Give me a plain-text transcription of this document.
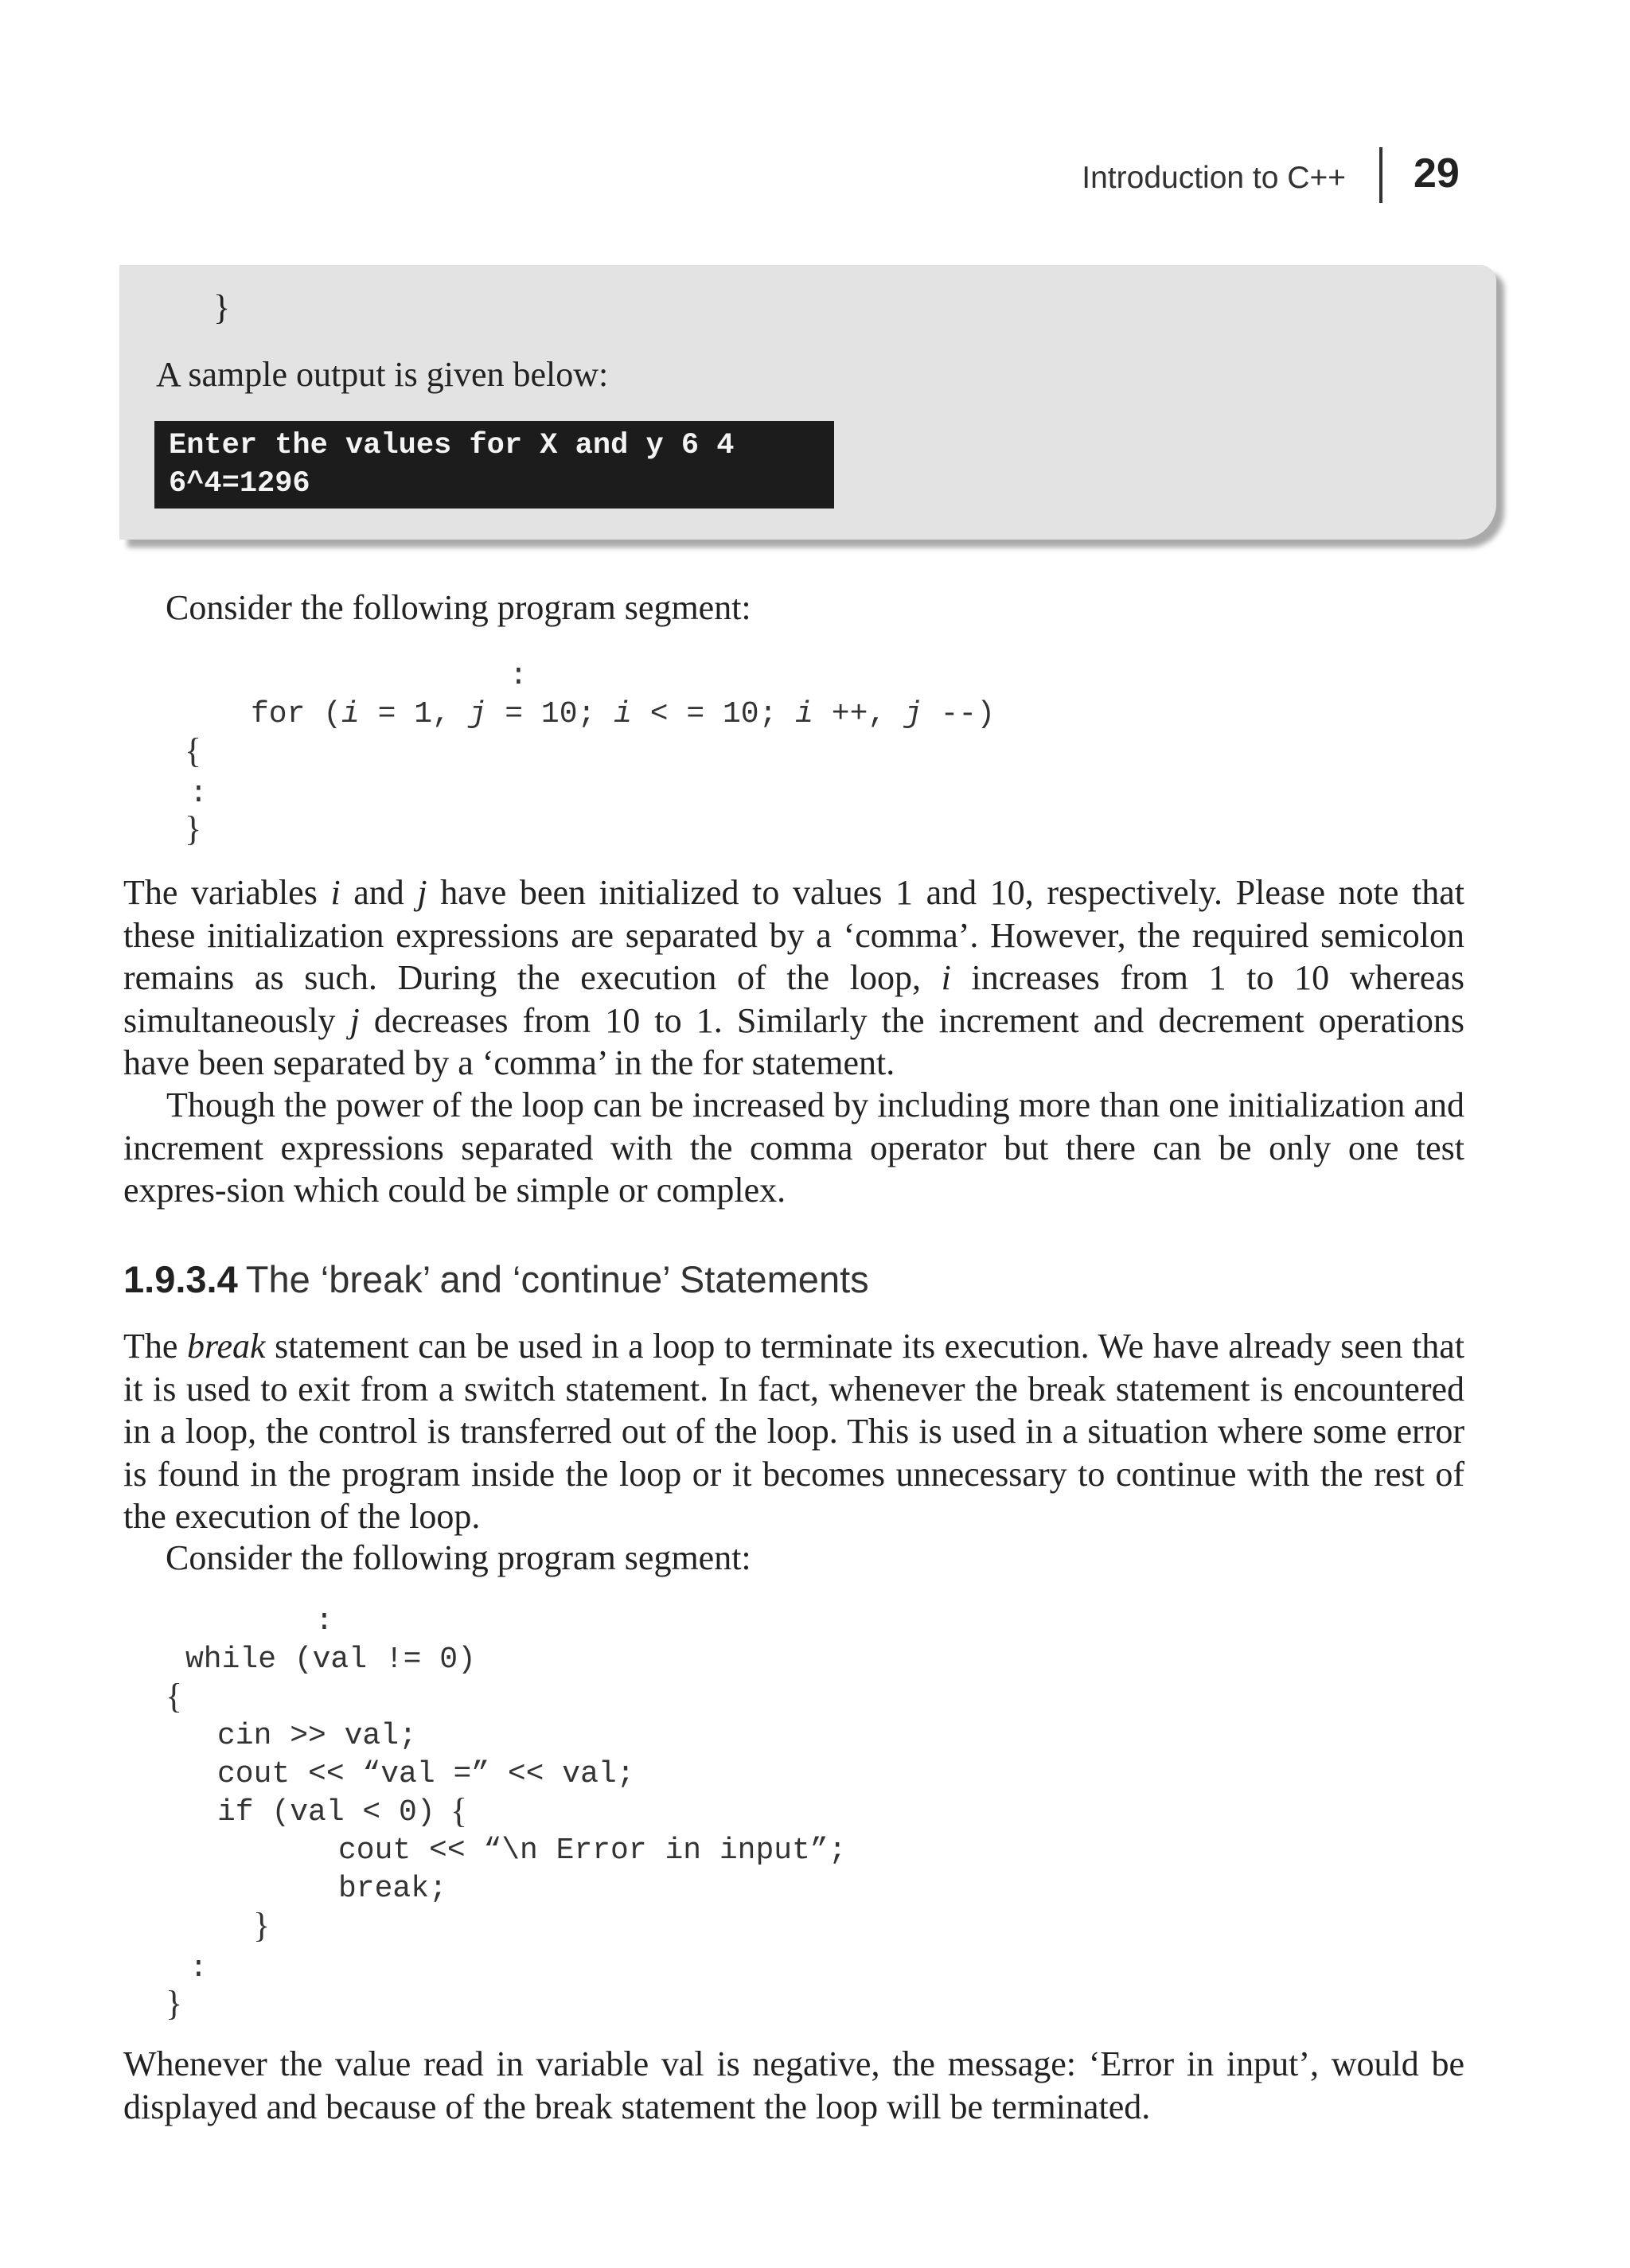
Introduction to C++ 29
}
A sample output is given below:
Enter the values for X and y 6 4
6^4=1296
Consider the following program segment:
:
for (i = 1, j = 10; i < = 10; i ++, j --)
{
:
}

The variables i and j have been initialized to values 1 and 10, respectively. Please note that these initialization expressions are separated by a ‘comma’. However, the required semicolon remains as such. During the execution of the loop, i increases from 1 to 10 whereas simultaneously j decreases from 10 to 1. Similarly the increment and decrement operations have been separated by a ‘comma’ in the for statement.

Though the power of the loop can be increased by including more than one initialization and increment expressions separated with the comma operator but there can be only one test expres-sion which could be simple or complex.

1.9.3.4 The ‘break’ and ‘continue’ Statements

The break statement can be used in a loop to terminate its execution. We have already seen that it is used to exit from a switch statement. In fact, whenever the break statement is encountered in a loop, the control is transferred out of the loop. This is used in a situation where some error is found in the program inside the loop or it becomes unnecessary to continue with the rest of the execution of the loop.

Consider the following program segment:
:
while (val != 0)
{
cin >> val;
cout << “val =” << val;
if (val < 0) {
cout << “\n Error in input”;
break;
}
:
}

Whenever the value read in variable val is negative, the message: ‘Error in input’, would be displayed and because of the break statement the loop will be terminated.
